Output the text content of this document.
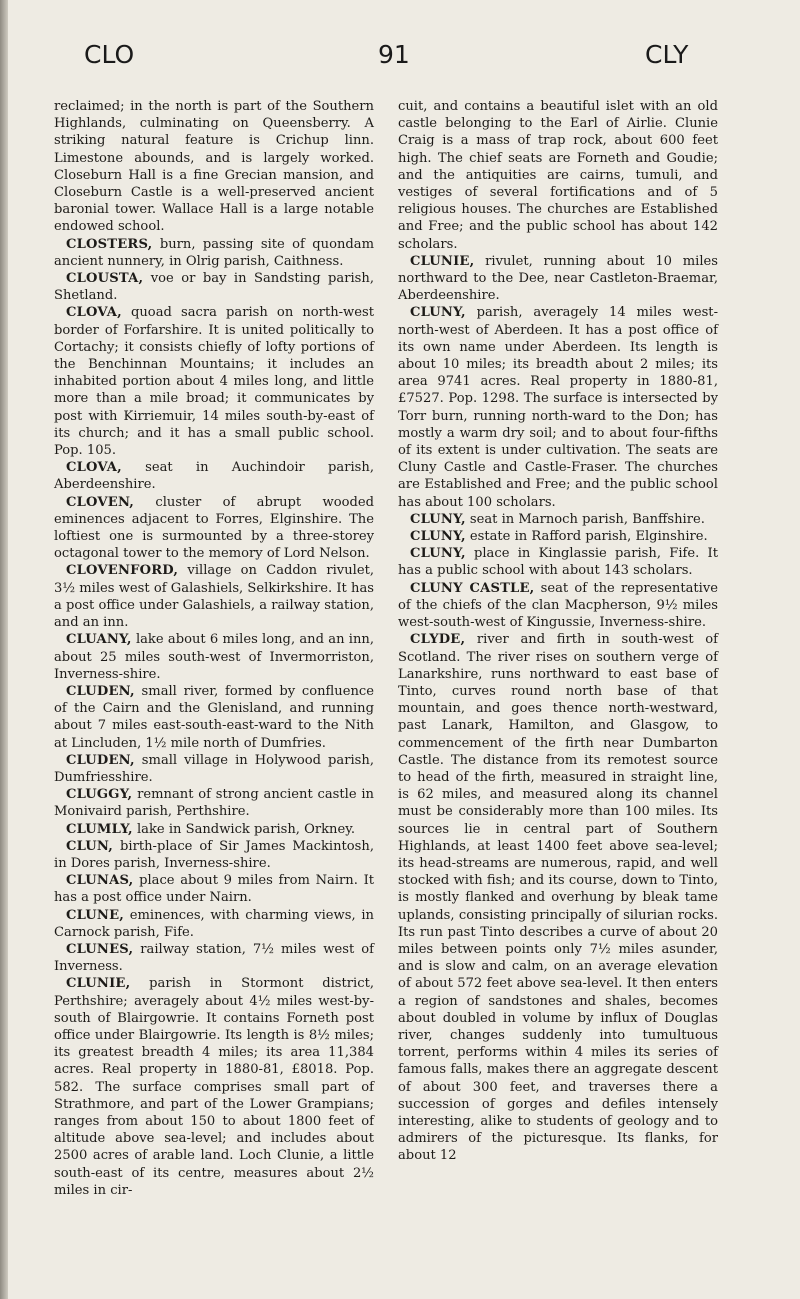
CLO	91	CLY

reclaimed; in the north is part of the Southern Highlands, culminating on Queensberry. A striking natural feature is Crichup linn. Limestone abounds, and is largely worked. Closeburn Hall is a fine Grecian mansion, and Closeburn Castle is a well-preserved ancient baronial tower. Wallace Hall is a large notable endowed school.

CLOSTERS, burn, passing site of quondam ancient nunnery, in Olrig parish, Caithness.

CLOUSTA, voe or bay in Sandsting parish, Shetland.

CLOVA, quoad sacra parish on north-west border of Forfarshire. It is united politically to Cortachy; it consists chiefly of lofty portions of the Benchinnan Mountains; it includes an inhabited portion about 4 miles long, and little more than a mile broad; it communicates by post with Kirriemuir, 14 miles south-by-east of its church; and it has a small public school. Pop. 105.

CLOVA, seat in Auchindoir parish, Aberdeenshire.

CLOVEN, cluster of abrupt wooded eminences adjacent to Forres, Elginshire. The loftiest one is surmounted by a three-storey octagonal tower to the memory of Lord Nelson.

CLOVENFORD, village on Caddon rivulet, 3½ miles west of Galashiels, Selkirkshire. It has a post office under Galashiels, a railway station, and an inn.

CLUANY, lake about 6 miles long, and an inn, about 25 miles south-west of Invermorriston, Inverness-shire.

CLUDEN, small river, formed by confluence of the Cairn and the Glenisland, and running about 7 miles east-south-east-ward to the Nith at Lincluden, 1½ mile north of Dumfries.

CLUDEN, small village in Holywood parish, Dumfriesshire.

CLUGGY, remnant of strong ancient castle in Monivaird parish, Perthshire.

CLUMLY, lake in Sandwick parish, Orkney.

CLUN, birth-place of Sir James Mackintosh, in Dores parish, Inverness-shire.

CLUNAS, place about 9 miles from Nairn. It has a post office under Nairn.

CLUNE, eminences, with charming views, in Carnock parish, Fife.

CLUNES, railway station, 7½ miles west of Inverness.

CLUNIE, parish in Stormont district, Perthshire; averagely about 4½ miles west-by-south of Blairgowrie. It contains Forneth post office under Blairgowrie. Its length is 8½ miles; its greatest breadth 4 miles; its area 11,384 acres. Real property in 1880-81, £8018. Pop. 582. The surface comprises small part of Strathmore, and part of the Lower Grampians; ranges from about 150 to about 1800 feet of altitude above sea-level; and includes about 2500 acres of arable land. Loch Clunie, a little south-east of its centre, measures about 2½ miles in cir-

cuit, and contains a beautiful islet with an old castle belonging to the Earl of Airlie. Clunie Craig is a mass of trap rock, about 600 feet high. The chief seats are Forneth and Goudie; and the antiquities are cairns, tumuli, and vestiges of several fortifications and of 5 religious houses. The churches are Established and Free; and the public school has about 142 scholars.

CLUNIE, rivulet, running about 10 miles northward to the Dee, near Castleton-Braemar, Aberdeenshire.

CLUNY, parish, averagely 14 miles west-north-west of Aberdeen. It has a post office of its own name under Aberdeen. Its length is about 10 miles; its breadth about 2 miles; its area 9741 acres. Real property in 1880-81, £7527. Pop. 1298. The surface is intersected by Torr burn, running north-ward to the Don; has mostly a warm dry soil; and to about four-fifths of its extent is under cultivation. The seats are Cluny Castle and Castle-Fraser. The churches are Established and Free; and the public school has about 100 scholars.

CLUNY, seat in Marnoch parish, Banffshire.

CLUNY, estate in Rafford parish, Elginshire.

CLUNY, place in Kinglassie parish, Fife. It has a public school with about 143 scholars.

CLUNY CASTLE, seat of the representative of the chiefs of the clan Macpherson, 9½ miles west-south-west of Kingussie, Inverness-shire.

CLYDE, river and firth in south-west of Scotland. The river rises on southern verge of Lanarkshire, runs northward to east base of Tinto, curves round north base of that mountain, and goes thence north-westward, past Lanark, Hamilton, and Glasgow, to commencement of the firth near Dumbarton Castle. The distance from its remotest source to head of the firth, measured in straight line, is 62 miles, and measured along its channel must be considerably more than 100 miles. Its sources lie in central part of Southern Highlands, at least 1400 feet above sea-level; its head-streams are numerous, rapid, and well stocked with fish; and its course, down to Tinto, is mostly flanked and overhung by bleak tame uplands, consisting principally of silurian rocks. Its run past Tinto describes a curve of about 20 miles between points only 7½ miles asunder, and is slow and calm, on an average elevation of about 572 feet above sea-level. It then enters a region of sandstones and shales, becomes about doubled in volume by influx of Douglas river, changes suddenly into tumultuous torrent, performs within 4 miles its series of famous falls, makes there an aggregate descent of about 300 feet, and traverses there a succession of gorges and defiles intensely interesting, alike to students of geology and to admirers of the picturesque. Its flanks, for about 12
